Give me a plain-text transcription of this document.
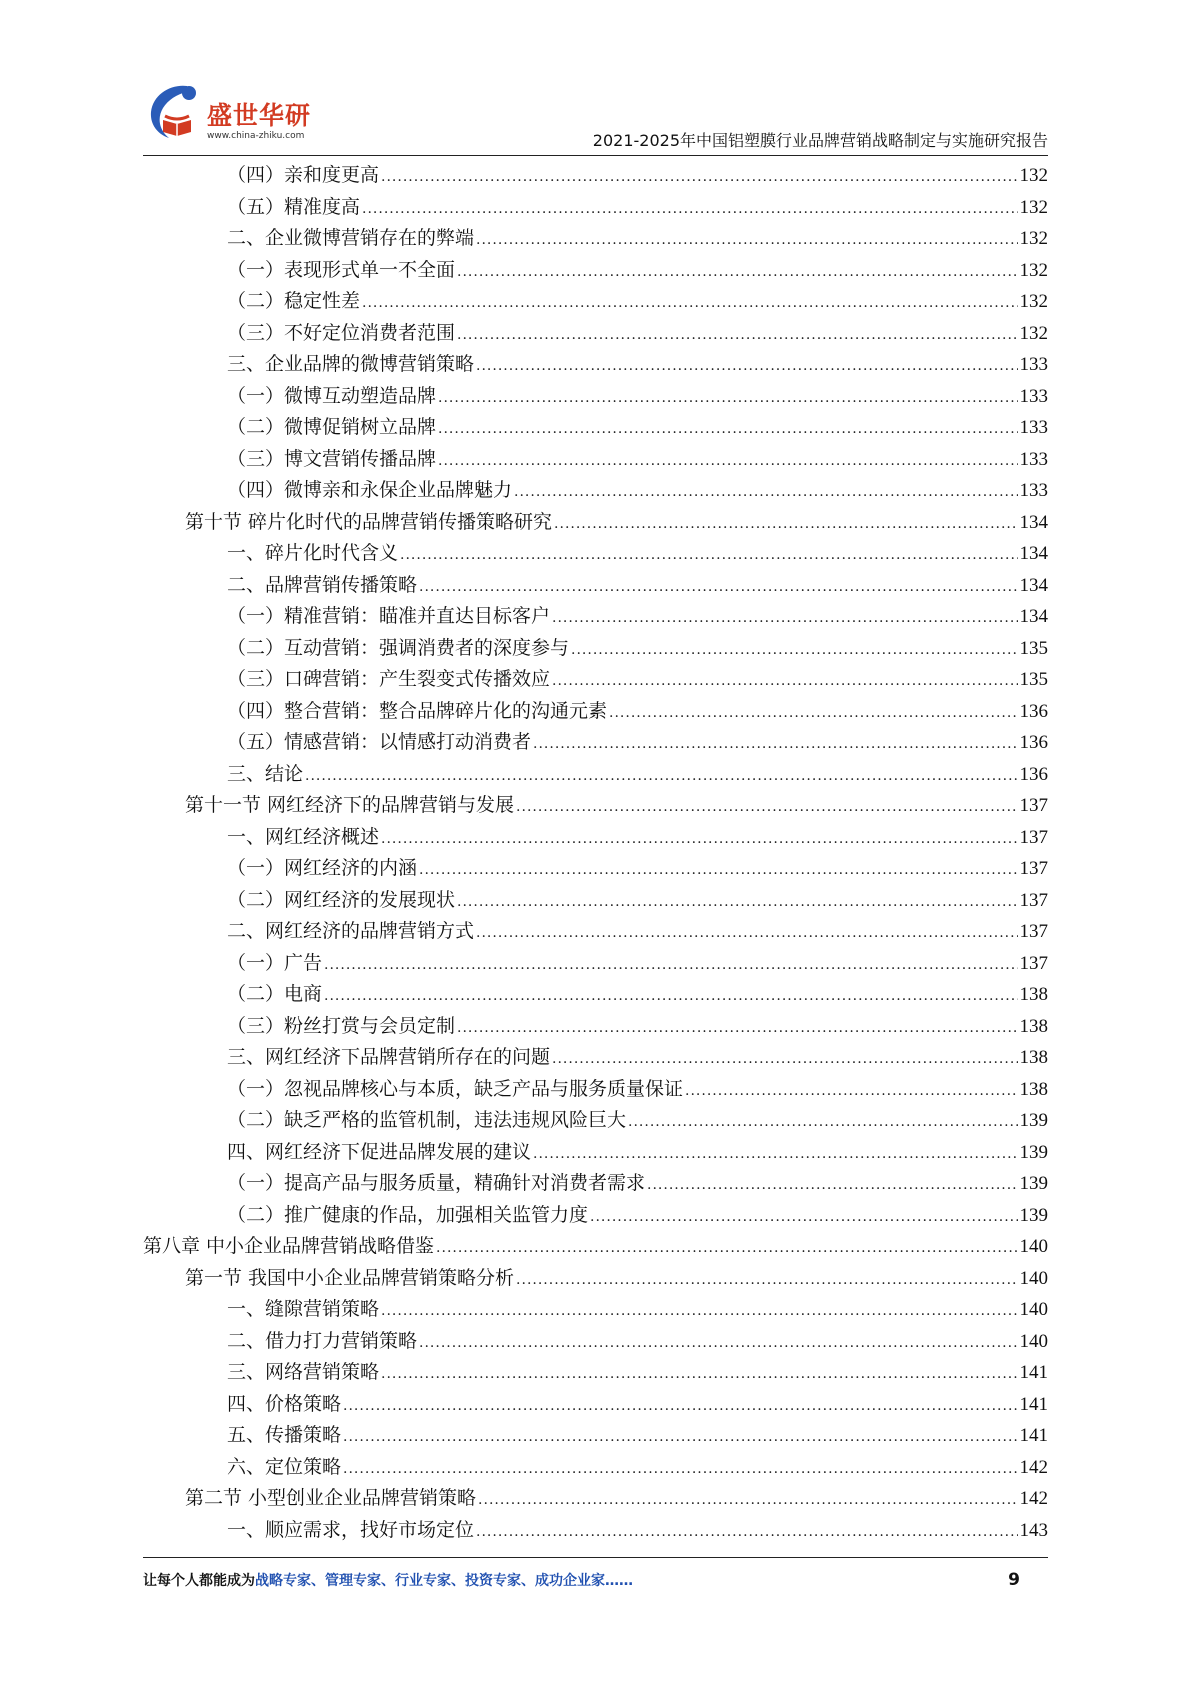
盛世华研
www.china-zhiku.com	2021-2025年中国铝塑膜行业品牌营销战略制定与实施研究报告
（四）亲和度更高 .....	132
（五）精准度高 .....	132
二、企业微博营销存在的弊端 .....	132
（一）表现形式单一不全面 .....	132
（二）稳定性差 .....	132
（三）不好定位消费者范围 .....	132
三、企业品牌的微博营销策略 .....	133
（一）微博互动塑造品牌 .....	133
（二）微博促销树立品牌 .....	133
（三）博文营销传播品牌 .....	133
（四）微博亲和永保企业品牌魅力 .....	133
第十节 碎片化时代的品牌营销传播策略研究 .....	134
一、碎片化时代含义 .....	134
二、品牌营销传播策略 .....	134
（一）精准营销：瞄准并直达目标客户 .....	134
（二）互动营销：强调消费者的深度参与 .....	135
（三）口碑营销：产生裂变式传播效应 .....	135
（四）整合营销：整合品牌碎片化的沟通元素 .....	136
（五）情感营销：以情感打动消费者 .....	136
三、结论 .....	136
第十一节 网红经济下的品牌营销与发展 .....	137
一、网红经济概述 .....	137
（一）网红经济的内涵 .....	137
（二）网红经济的发展现状 .....	137
二、网红经济的品牌营销方式 .....	137
（一）广告 .....	137
（二）电商 .....	138
（三）粉丝打赏与会员定制 .....	138
三、网红经济下品牌营销所存在的问题 .....	138
（一）忽视品牌核心与本质，缺乏产品与服务质量保证 .....	138
（二）缺乏严格的监管机制，违法违规风险巨大 .....	139
四、网红经济下促进品牌发展的建议 .....	139
（一）提高产品与服务质量，精确针对消费者需求 .....	139
（二）推广健康的作品，加强相关监管力度 .....	139
第八章 中小企业品牌营销战略借鉴 .....	140
第一节 我国中小企业品牌营销策略分析 .....	140
一、缝隙营销策略 .....	140
二、借力打力营销策略 .....	140
三、网络营销策略 .....	141
四、价格策略 .....	141
五、传播策略 .....	141
六、定位策略 .....	142
第二节 小型创业企业品牌营销策略 .....	142
一、顺应需求，找好市场定位 .....	143
让每个人都能成为战略专家、管理专家、行业专家、投资专家、成功企业家……	9
